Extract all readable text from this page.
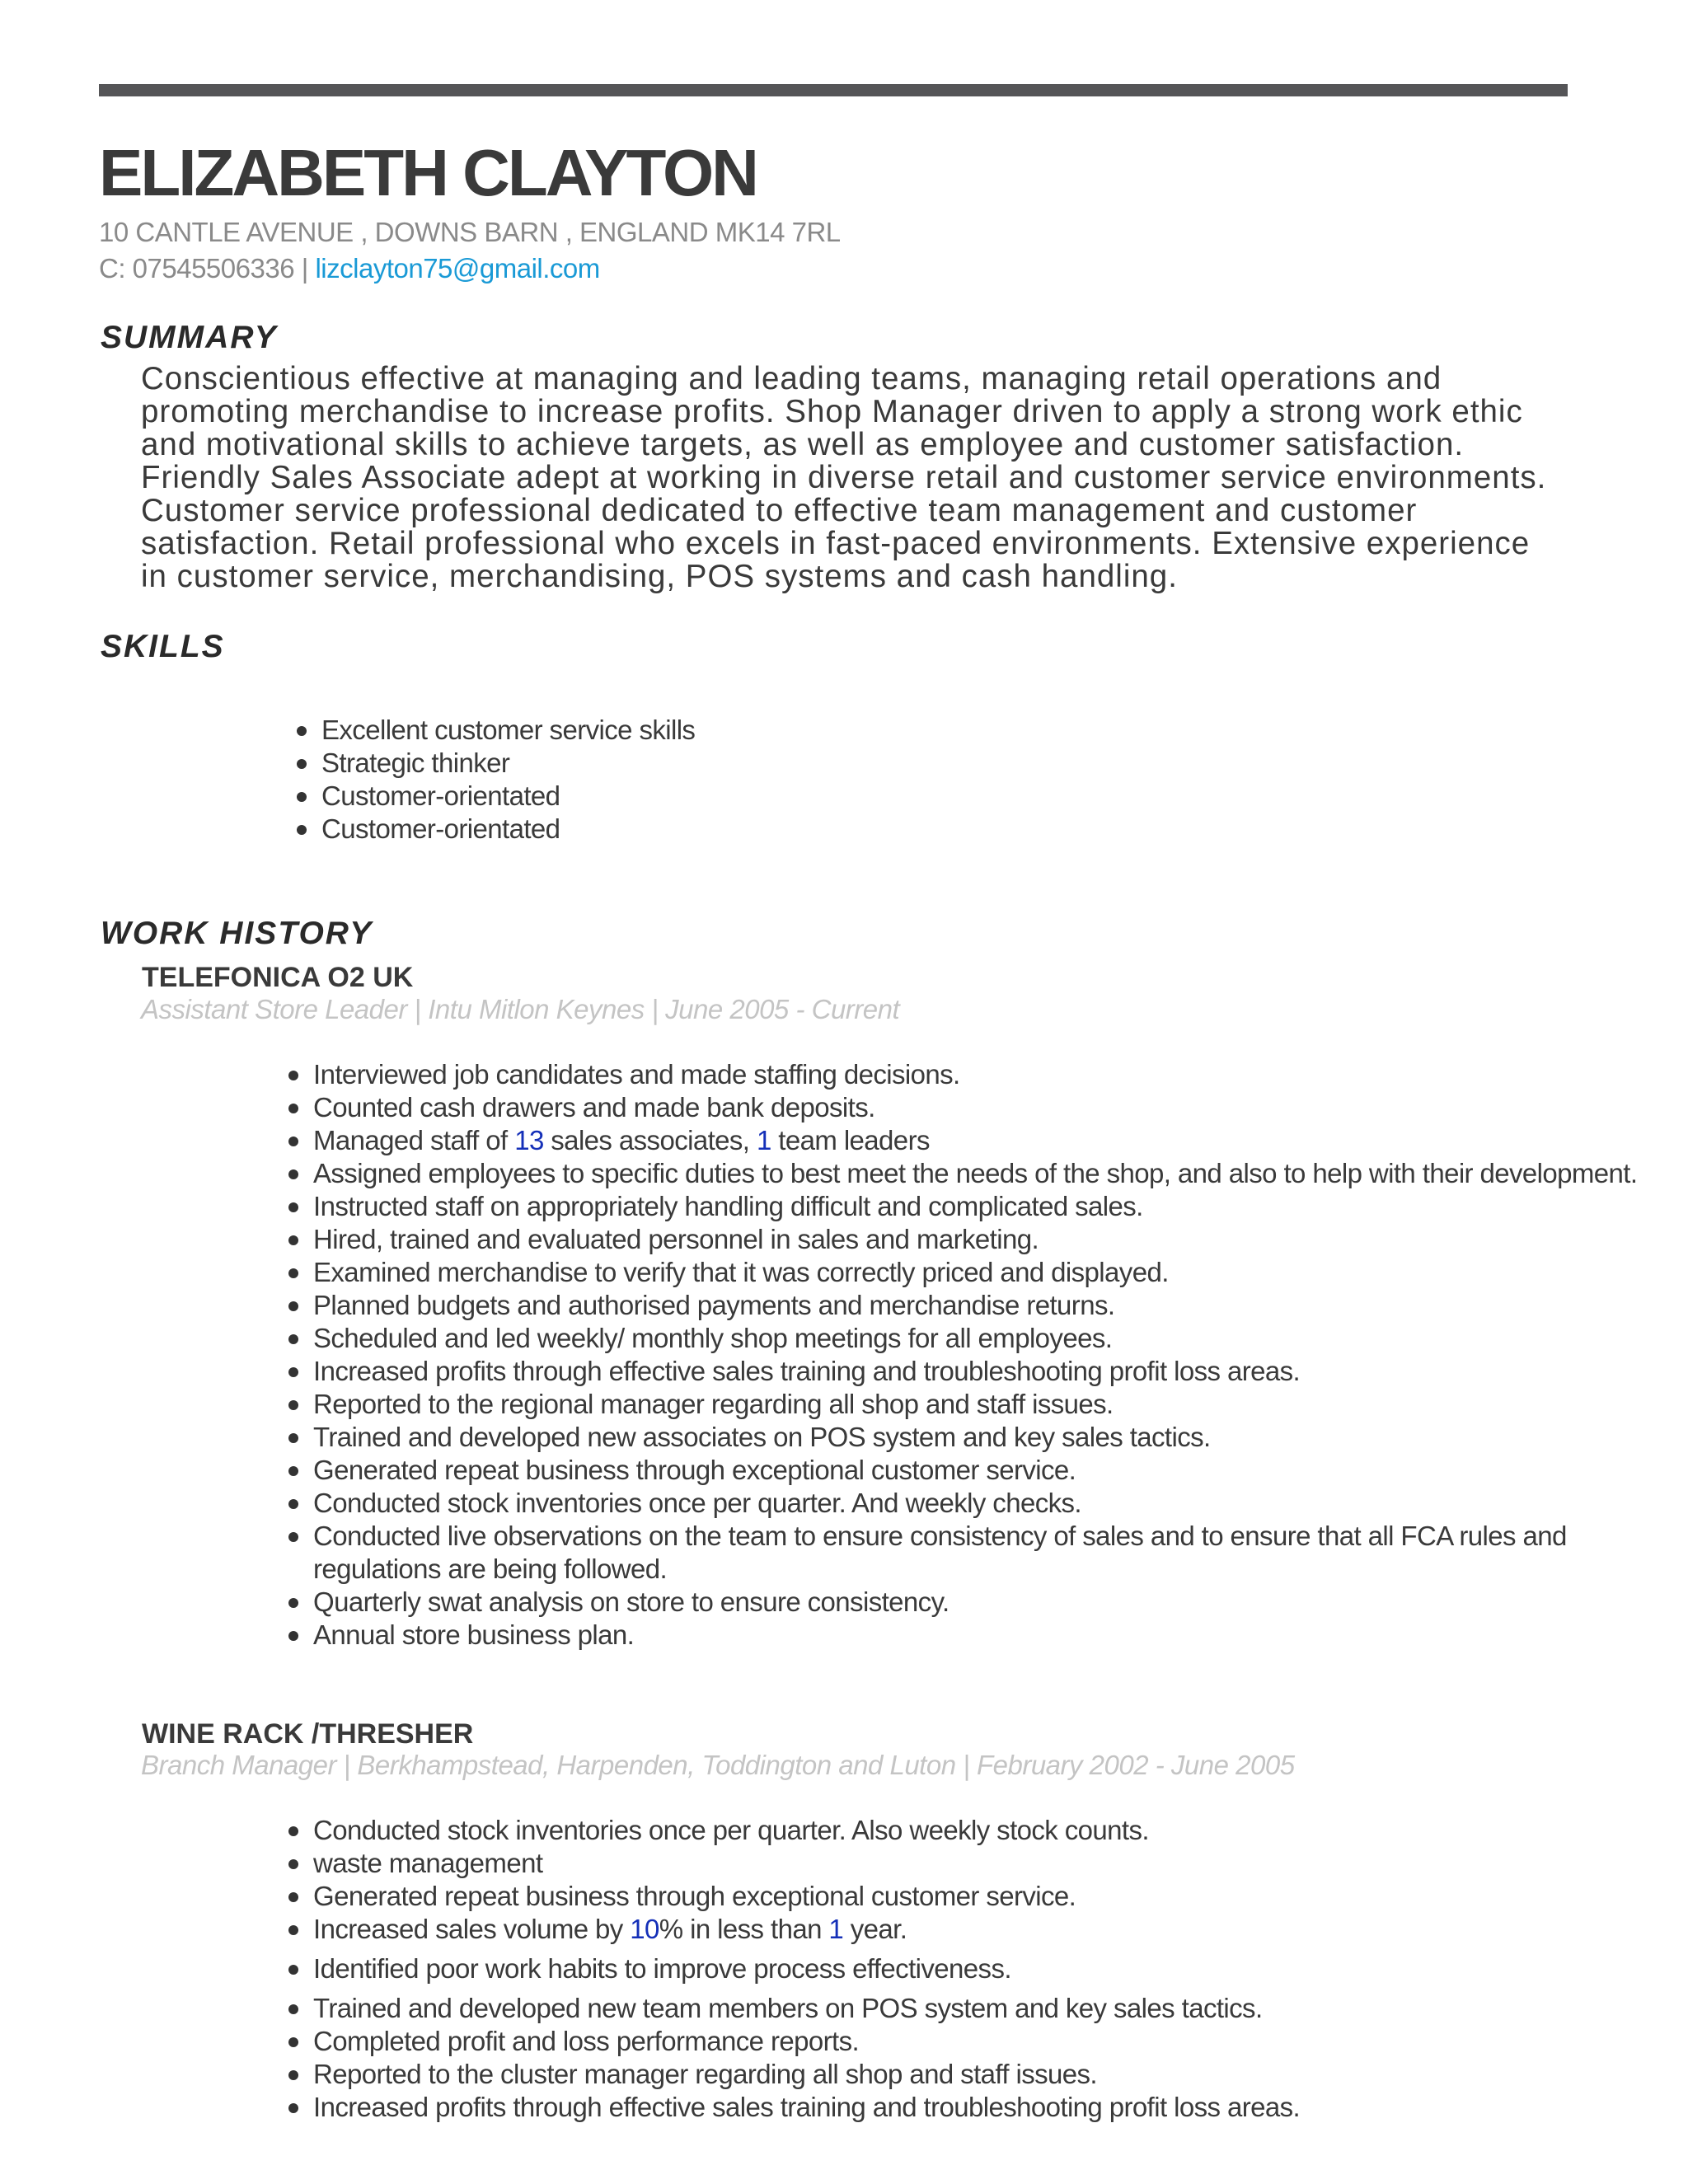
ELIZABETH CLAYTON
10 CANTLE AVENUE , DOWNS BARN , ENGLAND MK14 7RL
C: 07545506336 | lizclayton75@gmail.com
SUMMARY

Conscientious effective at managing and leading teams, managing retail operations and
promoting merchandise to increase profits. Shop Manager driven to apply a strong work ethic
and motivational skills to achieve targets, as well as employee and customer satisfaction.
Friendly Sales Associate adept at working in diverse retail and customer service environments.
Customer service professional dedicated to effective team management and customer
satisfaction. Retail professional who excels in fast-paced environments. Extensive experience
in customer service, merchandising, POS systems and cash handling.

SKILLS
Excellent customer service skills
Strategic thinker
Customer-orientated
Customer-orientated
WORK HISTORY
TELEFONICA O2 UK
Assistant Store Leader | Intu Mitlon Keynes | June 2005 - Current
Interviewed job candidates and made staffing decisions.
Counted cash drawers and made bank deposits.
Managed staff of 13 sales associates, 1 team leaders
Assigned employees to specific duties to best meet the needs of the shop, and also to help with their development.
Instructed staff on appropriately handling difficult and complicated sales.
Hired, trained and evaluated personnel in sales and marketing.
Examined merchandise to verify that it was correctly priced and displayed.
Planned budgets and authorised payments and merchandise returns.
Scheduled and led weekly/ monthly shop meetings for all employees.
Increased profits through effective sales training and troubleshooting profit loss areas.
Reported to the regional manager regarding all shop and staff issues.
Trained and developed new associates on POS system and key sales tactics.
Generated repeat business through exceptional customer service.
Conducted stock inventories once per quarter. And weekly checks.
Conducted live observations on the team to ensure consistency of sales and to ensure that all FCA rules and regulations are being followed.
Quarterly swat analysis on store to ensure consistency.
Annual store business plan.
WINE RACK /THRESHER
Branch Manager | Berkhampstead, Harpenden, Toddington and Luton | February 2002 - June 2005
Conducted stock inventories once per quarter. Also weekly stock counts.
waste management
Generated repeat business through exceptional customer service.
Increased sales volume by 10% in less than 1 year.
Identified poor work habits to improve process effectiveness.
Trained and developed new team members on POS system and key sales tactics.
Completed profit and loss performance reports.
Reported to the cluster manager regarding all shop and staff issues.
Increased profits through effective sales training and troubleshooting profit loss areas.
